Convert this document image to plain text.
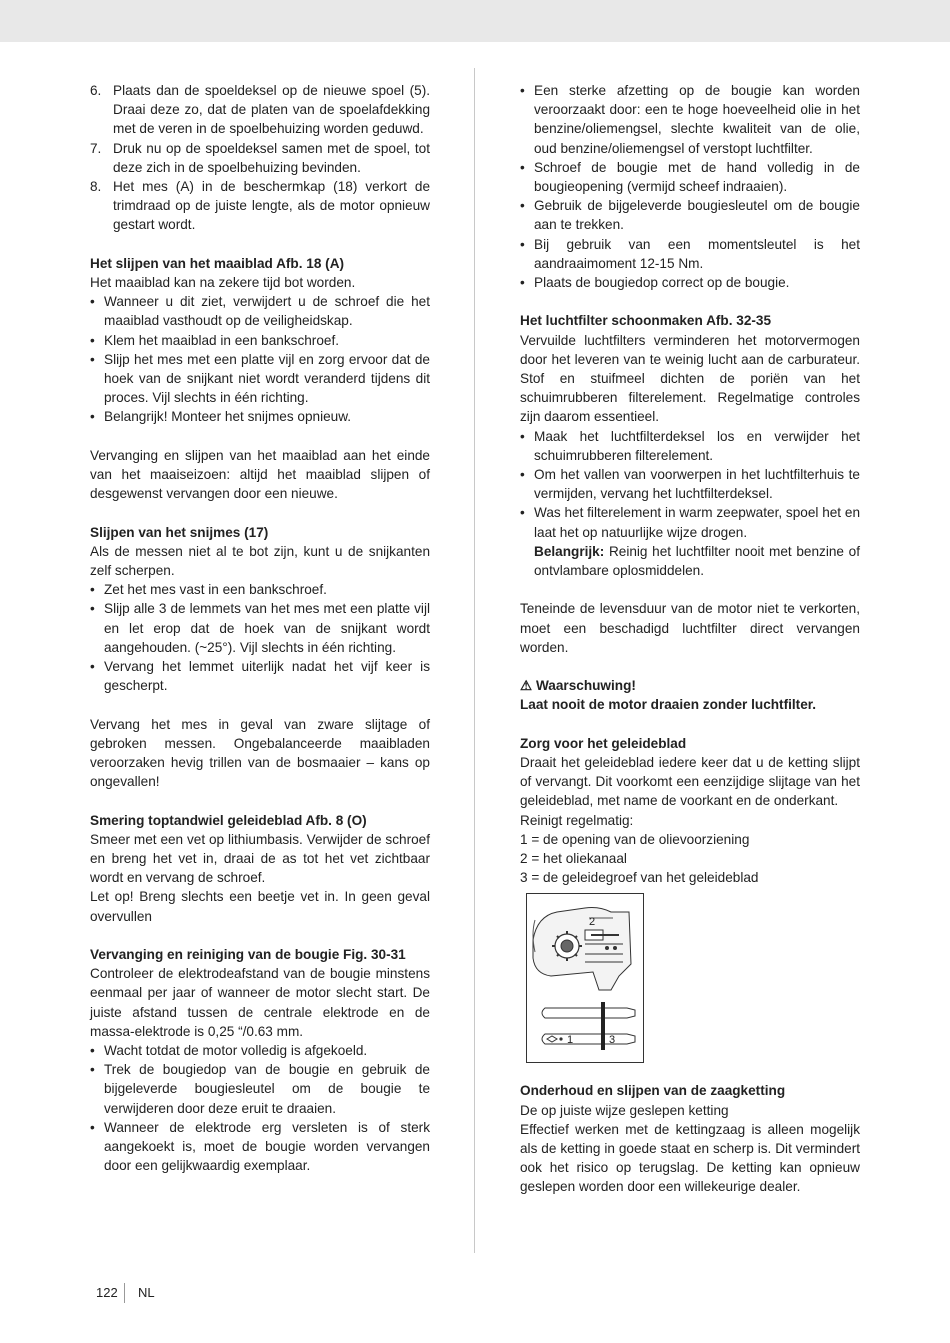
6. Plaats dan de spoeldeksel op de nieuwe spoel (5). Draai deze zo, dat de platen van de spoelafdekking met de veren in de spoelbehuizing worden geduwd.
7. Druk nu op de spoeldeksel samen met de spoel, tot deze zich in de spoelbehuizing bevinden.
8. Het mes (A) in de beschermkap (18) verkort de trimdraad op de juiste lengte, als de motor opnieuw gestart wordt.

Het slijpen van het maaiblad Afb. 18 (A)

Het maaiblad kan na zekere tijd bot worden.

• Wanneer u dit ziet, verwijdert u de schroef die het maaiblad vasthoudt op de veiligheidskap.
• Klem het maaiblad in een bankschroef.
• Slijp het mes met een platte vijl en zorg ervoor dat de hoek van de snijkant niet wordt veranderd tijdens dit proces. Vijl slechts in één richting.
• Belangrijk! Monteer het snijmes opnieuw.

Vervanging en slijpen van het maaiblad aan het einde van het maaiseizoen: altijd het maaiblad slijpen of desgewenst vervangen door een nieuwe.

Slijpen van het snijmes (17)

Als de messen niet al te bot zijn, kunt u de snijkanten zelf scherpen.

• Zet het mes vast in een bankschroef.
• Slijp alle 3 de lemmets van het mes met een platte vijl en let erop dat de hoek van de snijkant wordt aangehouden. (~25°). Vijl slechts in één richting.
• Vervang het lemmet uiterlijk nadat het vijf keer is gescherpt.

Vervang het mes in geval van zware slijtage of gebroken messen. Ongebalanceerde maaibladen veroorzaken hevig trillen van de bosmaaier – kans op ongevallen!

Smering toptandwiel geleideblad Afb. 8 (O)

Smeer met een vet op lithiumbasis. Verwijder de schroef en breng het vet in, draai de as tot het vet zichtbaar wordt en vervang de schroef.

Let op! Breng slechts een beetje vet in. In geen geval overvullen

Vervanging en reiniging van de bougie Fig. 30-31

Controleer de elektrodeafstand van de bougie minstens eenmaal per jaar of wanneer de motor slecht start. De juiste afstand tussen de centrale elektrode en de massa-elektrode is 0,25 “/0.63 mm.

• Wacht totdat de motor volledig is afgekoeld.
• Trek de bougiedop van de bougie en gebruik de bijgeleverde bougiesleutel om de bougie te verwijderen door deze eruit te draaien.
• Wanneer de elektrode erg versleten is of sterk aangekoekt is, moet de bougie worden vervangen door een gelijkwaardig exemplaar.
• Een sterke afzetting op de bougie kan worden veroorzaakt door: een te hoge hoeveelheid olie in het benzine/oliemengsel, slechte kwaliteit van de olie, oud benzine/oliemengsel of verstopt luchtfilter.
• Schroef de bougie met de hand volledig in de bougieopening (vermijd scheef indraaien).
• Gebruik de bijgeleverde bougiesleutel om de bougie aan te trekken.
• Bij gebruik van een momentsleutel is het aandraaimoment 12-15 Nm.
• Plaats de bougiedop correct op de bougie.

Het luchtfilter schoonmaken Afb. 32-35

Vervuilde luchtfilters verminderen het motorvermogen door het leveren van te weinig lucht aan de carburateur. Stof en stuifmeel dichten de poriën van het schuimrubberen filterelement. Regelmatige controles zijn daarom essentieel.

• Maak het luchtfilterdeksel los en verwijder het schuimrubberen filterelement.
• Om het vallen van voorwerpen in het luchtfilterhuis te vermijden, vervang het luchtfilterdeksel.
• Was het filterelement in warm zeepwater, spoel het en laat het op natuurlijke wijze drogen.
Belangrijk: Reinig het luchtfilter nooit met benzine of ontvlambare oplosmiddelen.

Teneinde de levensduur van de motor niet te verkorten, moet een beschadigd luchtfilter direct vervangen worden.

⚠ Waarschuwing!

Laat nooit de motor draaien zonder luchtfilter.

Zorg voor het geleideblad

Draait het geleideblad iedere keer dat u de ketting slijpt of vervangt. Dit voorkomt een eenzijdige slijtage van het geleideblad, met name de voorkant en de onderkant.

Reinigt regelmatig:

1 = de opening van de olievoorziening

2 = het oliekanaal

3 = de geleidegroef van het geleideblad

2
1	3

Onderhoud en slijpen van de zaagketting

De op juiste wijze geslepen ketting

Effectief werken met de kettingzaag is alleen mogelijk als de ketting in goede staat en scherp is. Dit vermindert ook het risico op terugslag. De ketting kan opnieuw geslepen worden door een willekeurige dealer.

122 NL
